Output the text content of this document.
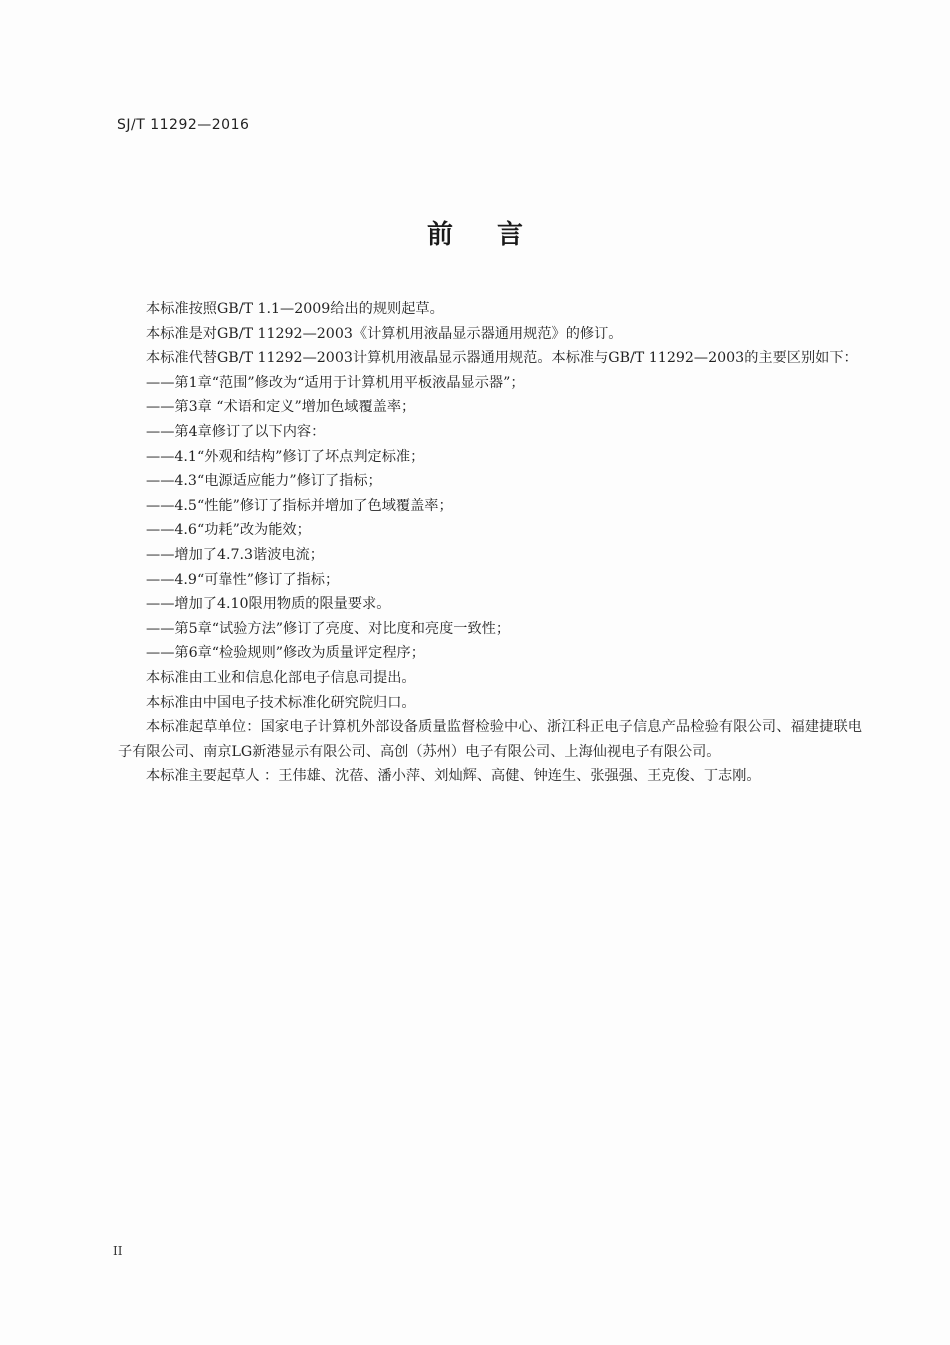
SJ/T 11292—2016
前言

本标准按照GB/T 1.1—2009给出的规则起草。

本标准是对GB/T 11292—2003《计算机用液晶显示器通用规范》的修订。

本标准代替GB/T 11292—2003计算机用液晶显示器通用规范。本标准与GB/T 11292—2003的主要区别如下：

——第1章“范围”修改为“适用于计算机用平板液晶显示器”；

——第3章 “术语和定义”增加色域覆盖率；

——第4章修订了以下内容：

——4.1“外观和结构”修订了坏点判定标准；

——4.3“电源适应能力”修订了指标；

——4.5“性能”修订了指标并增加了色域覆盖率；

——4.6“功耗”改为能效；

——增加了4.7.3谐波电流；

——4.9“可靠性”修订了指标；

——增加了4.10限用物质的限量要求。

——第5章“试验方法”修订了亮度、对比度和亮度一致性；

——第6章“检验规则”修改为质量评定程序；

本标准由工业和信息化部电子信息司提出。

本标准由中国电子技术标准化研究院归口。

本标准起草单位：国家电子计算机外部设备质量监督检验中心、浙江科正电子信息产品检验有限公司、福建捷联电子有限公司、南京LG新港显示有限公司、高创（苏州）电子有限公司、上海仙视电子有限公司。

本标准主要起草人 ：王伟雄、沈蓓、潘小萍、刘灿辉、高健、钟连生、张强强、王克俊、丁志刚。

II
